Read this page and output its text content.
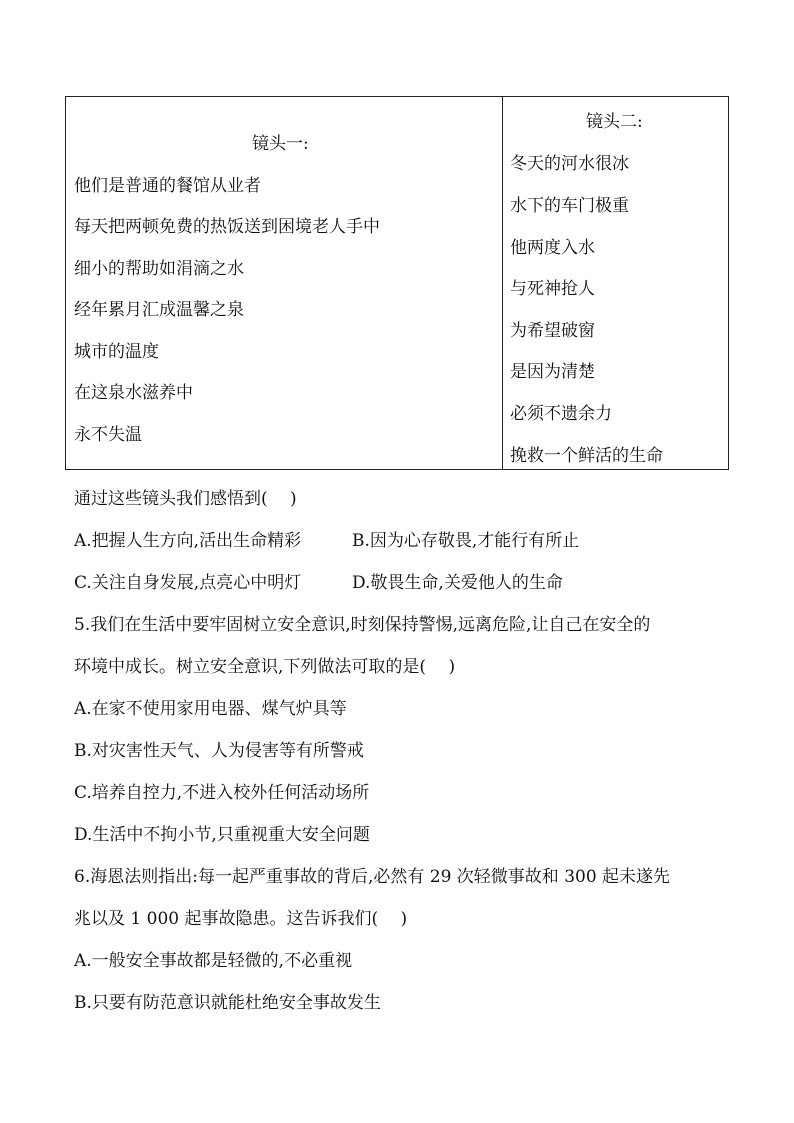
镜头一:
他们是普通的餐馆从业者
每天把两顿免费的热饭送到困境老人手中
细小的帮助如涓滴之水
经年累月汇成温馨之泉
城市的温度
在这泉水滋养中
永不失温
镜头二:
冬天的河水很冰
水下的车门极重
他两度入水
与死神抢人
为希望破窗
是因为清楚
必须不遗余力
挽救一个鲜活的生命
通过这些镜头我们感悟到(　 )
A.把握人生方向,活出生命精彩	B.因为心存敬畏,才能行有所止
C.关注自身发展,点亮心中明灯	D.敬畏生命,关爱他人的生命
5.我们在生活中要牢固树立安全意识,时刻保持警惕,远离危险,让自己在安全的
环境中成长。树立安全意识,下列做法可取的是(　 )
A.在家不使用家用电器、煤气炉具等
B.对灾害性天气、人为侵害等有所警戒
C.培养自控力,不进入校外任何活动场所
D.生活中不拘小节,只重视重大安全问题
6.海恩法则指出:每一起严重事故的背后,必然有 29 次轻微事故和 300 起未遂先
兆以及 1 000 起事故隐患。这告诉我们(　 )
A.一般安全事故都是轻微的,不必重视
B.只要有防范意识就能杜绝安全事故发生
